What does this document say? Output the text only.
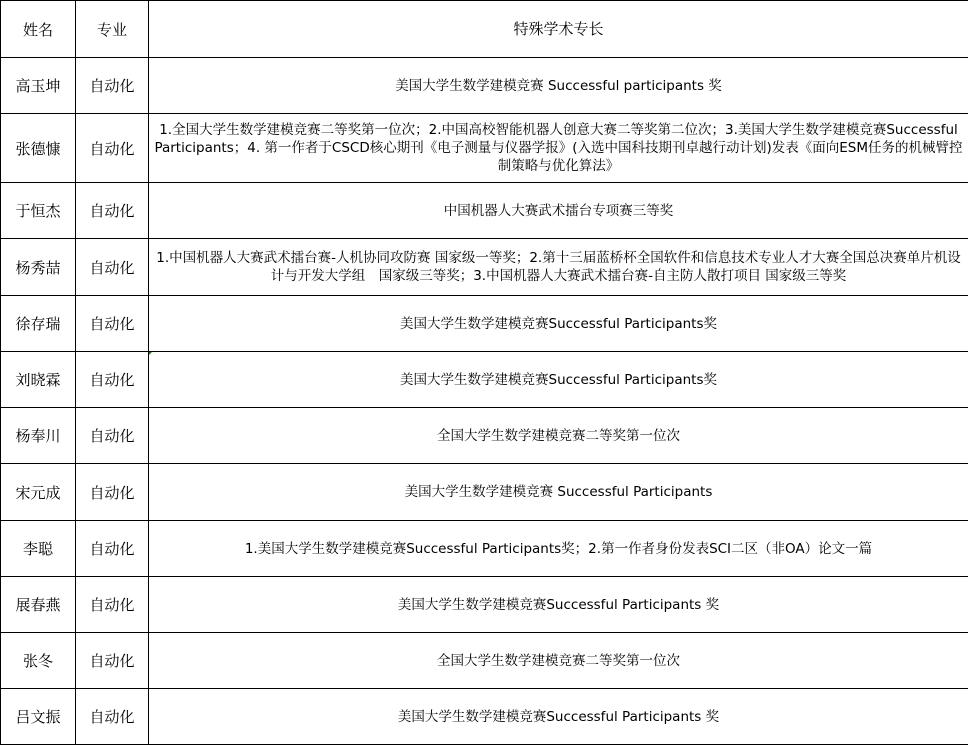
姓名	专业	特殊学术专长
高玉坤	自动化	美国大学生数学建模竞赛 Successful participants 奖
张德慷	自动化	1.全国大学生数学建模竞赛二等奖第一位次；2.中国高校智能机器人创意大赛二等奖第二位次；3.美国大学生数学建模竞赛Successful Participants；4. 第一作者于CSCD核心期刊《电子测量与仪器学报》(入选中国科技期刊卓越行动计划)发表《面向ESM任务的机械臂控制策略与优化算法》
于恒杰	自动化	中国机器人大赛武术擂台专项赛三等奖
杨秀喆	自动化	1.中国机器人大赛武术擂台赛-人机协同攻防赛 国家级一等奖；2.第十三届蓝桥杯全国软件和信息技术专业人才大赛全国总决赛单片机设计与开发大学组　国家级三等奖；3.中国机器人大赛武术擂台赛-自主防人散打项目 国家级三等奖
徐存瑞	自动化	美国大学生数学建模竞赛Successful Participants奖
刘晓霖	自动化	美国大学生数学建模竞赛Successful Participants奖
杨奉川	自动化	全国大学生数学建模竞赛二等奖第一位次
宋元成	自动化	美国大学生数学建模竞赛 Successful Participants
李聪	自动化	1.美国大学生数学建模竞赛Successful Participants奖；2.第一作者身份发表SCI二区（非OA）论文一篇
展春燕	自动化	美国大学生数学建模竞赛Successful Participants 奖
张冬	自动化	全国大学生数学建模竞赛二等奖第一位次
吕文振	自动化	美国大学生数学建模竞赛Successful Participants 奖
